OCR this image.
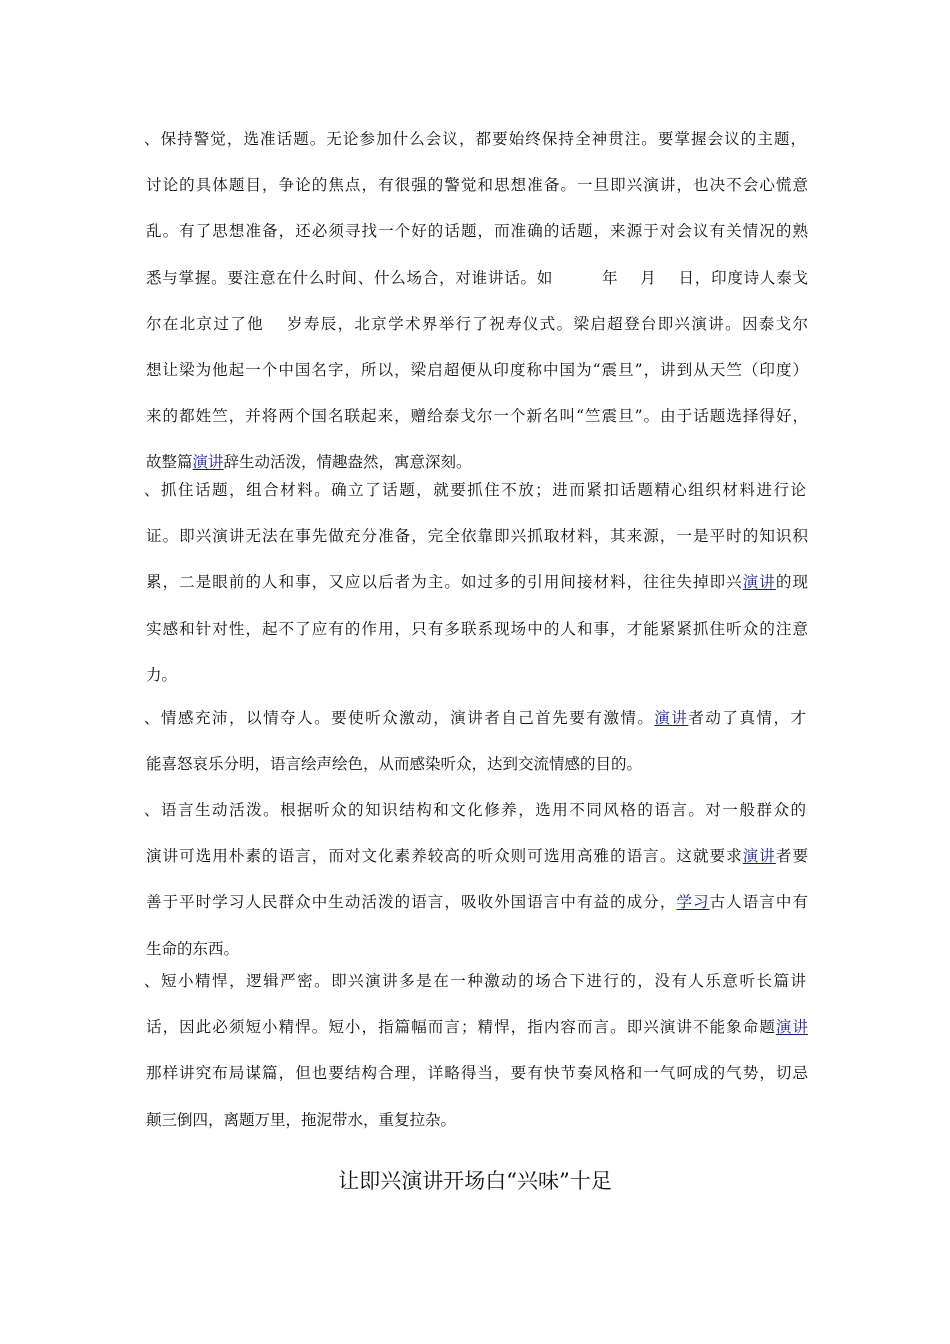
、保持警觉，选准话题。无论参加什么会议，都要始终保持全神贯注。要掌握会议的主题，
讨论的具体题目，争论的焦点，有很强的警觉和思想准备。一旦即兴演讲，也决不会心慌意
乱。有了思想准备，还必须寻找一个好的话题，而准确的话题，来源于对会议有关情况的熟
悉与掌握。要注意在什么时间、什么场合，对谁讲话。如　　　年　 月　 日，印度诗人泰戈
尔在北京过了他　 岁寿辰，北京学术界举行了祝寿仪式。梁启超登台即兴演讲。因泰戈尔
想让梁为他起一个中国名字，所以，梁启超便从印度称中国为“震旦”，讲到从天竺（印度）
来的都姓竺，并将两个国名联起来，赠给泰戈尔一个新名叫“竺震旦”。由于话题选择得好，
故整篇演讲辞生动活泼，情趣盎然，寓意深刻。
、抓住话题，组合材料。确立了话题，就要抓住不放；进而紧扣话题精心组织材料进行论
证。即兴演讲无法在事先做充分准备，完全依靠即兴抓取材料，其来源，一是平时的知识积
累，二是眼前的人和事，又应以后者为主。如过多的引用间接材料，往往失掉即兴演讲的现
实感和针对性，起不了应有的作用，只有多联系现场中的人和事，才能紧紧抓住听众的注意
力。
、情感充沛，以情夺人。要使听众激动，演讲者自己首先要有激情。演讲者动了真情，才
能喜怒哀乐分明，语言绘声绘色，从而感染听众，达到交流情感的目的。
、语言生动活泼。根据听众的知识结构和文化修养，选用不同风格的语言。对一般群众的
演讲可选用朴素的语言，而对文化素养较高的听众则可选用高雅的语言。这就要求演讲者要
善于平时学习人民群众中生动活泼的语言，吸收外国语言中有益的成分，学习古人语言中有
生命的东西。
、短小精悍，逻辑严密。即兴演讲多是在一种激动的场合下进行的，没有人乐意听长篇讲
话，因此必须短小精悍。短小，指篇幅而言；精悍，指内容而言。即兴演讲不能象命题演讲
那样讲究布局谋篇，但也要结构合理，详略得当，要有快节奏风格和一气呵成的气势，切忌
颠三倒四，离题万里，拖泥带水，重复拉杂。
让即兴演讲开场白“兴味”十足
